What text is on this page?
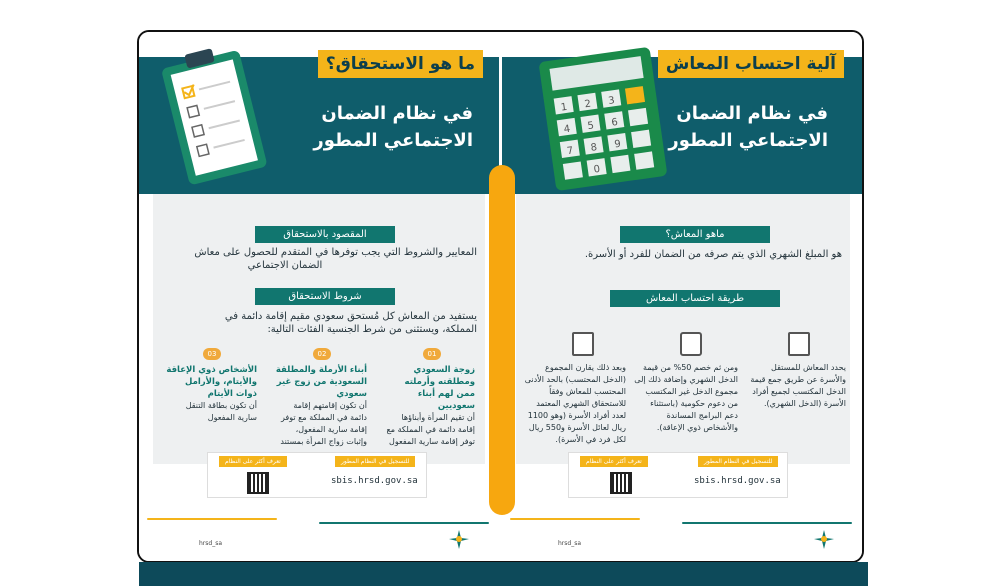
ما هو الاستحقاق؟
في نظام الضمان
الاجتماعي المطور
المقصود بالاستحقاق
المعايير والشروط التي يجب توفرها في المتقدم للحصول على معاش
الضمان الاجتماعي
شروط الاستحقاق
يستفيد من المعاش كل مُستحق سعودي مقيم إقامة دائمة في
المملكة، ويستثنى من شرط الجنسية الفئات التالية:
01
زوجة السعودي ومطلقته وأرملته ممن لهم أبناء سعوديين
أن تقيم المرأة وأبناؤها إقامة دائمة في المملكة مع توفر إقامة سارية المفعول
02
أبناء الأرملة والمطلقة السعودية من زوج غير سعودي
أن تكون إقامتهم إقامة دائمة في المملكة مع توفر إقامة سارية المفعول، وإثبات زواج المرأة بمستند
03
الأشخاص ذوي الإعاقة والأيتام، والأرامل ذوات الأيتام
أن تكون بطاقة التنقل سارية المفعول
تعرف أكثر على النظام	للتسجيل في النظام المطور
sbis.hrsd.gov.sa
hrsd_sa
1 2 3
4 5 6
7 8 9
0
آلية احتساب المعاش
في نظام الضمان
الاجتماعي المطور
ماهو المعاش؟
هو المبلغ الشهري الذي يتم صرفه من الضمان للفرد أو الأسرة.
طريقة احتساب المعاش
يحدد المعاش للمستقل والأسرة عن طريق جمع قيمة الدخل المكتسب لجميع أفراد الأسرة (الدخل الشهري).
ومن ثم خصم 50% من قيمة الدخل الشهري وإضافة ذلك إلى مجموع الدخل غير المكتسب من دعوم حكومية (باستثناء دعم البرامج المساندة والأشخاص ذوي الإعاقة).
وبعد ذلك يقارن المجموع (الدخل المحتسب) بالحد الأدنى المحتسب للمعاش وفقاً للاستحقاق الشهري المعتمد لعدد أفراد الأسرة (وهو 1100 ريال لعائل الأسرة و550 ريال لكل فرد في الأسرة).
تعرف أكثر على النظام	للتسجيل في النظام المطور
sbis.hrsd.gov.sa
hrsd_sa
